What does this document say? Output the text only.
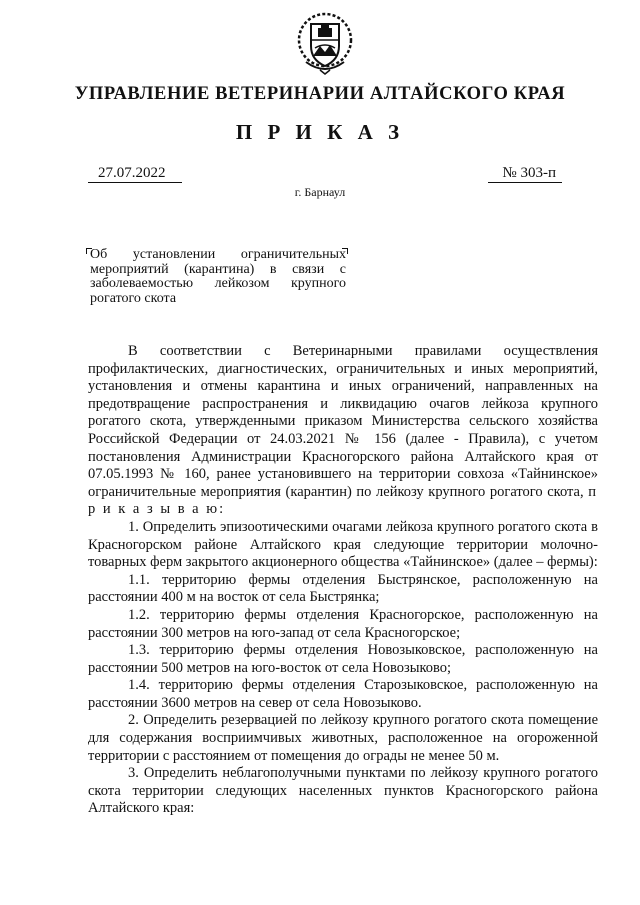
УПРАВЛЕНИЕ ВЕТЕРИНАРИИ АЛТАЙСКОГО КРАЯ
П Р И К А З
27.07.2022	№ 303-п
г. Барнаул
Об установлении ограничительных мероприятий (карантина) в связи с заболеваемостью лейкозом крупного рогатого скота

В соответствии с Ветеринарными правилами осуществления профилактических, диагностических, ограничительных и иных мероприятий, установления и отмены карантина и иных ограничений, направленных на предотвращение распространения и ликвидацию очагов лейкоза крупного рогатого скота, утвержденными приказом Министерства сельского хозяйства Российской Федерации от 24.03.2021 № 156 (далее - Правила), с учетом постановления Администрации Красногорского района Алтайского края от 07.05.1993 № 160, ранее установившего на территории совхоза «Тайнинское» ограничительные мероприятия (карантин) по лейкозу крупного рогатого скота, п р и к а з ы в а ю:

1. Определить эпизоотическими очагами лейкоза крупного рогатого скота в Красногорском районе Алтайского края следующие территории молочно-товарных ферм закрытого акционерного общества «Тайнинское» (далее – фермы):

1.1. территорию фермы отделения Быстрянское, расположенную на расстоянии 400 м на восток от села Быстрянка;

1.2. территорию фермы отделения Красногорское, расположенную на расстоянии 300 метров на юго-запад от села Красногорское;

1.3. территорию фермы отделения Новозыковское, расположенную на расстоянии 500 метров на юго-восток от села Новозыково;

1.4. территорию фермы отделения Старозыковское, расположенную на расстоянии 3600 метров на север от села Новозыково.

2. Определить резервацией по лейкозу крупного рогатого скота помещение для содержания восприимчивых животных, расположенное на огороженной территории с расстоянием от помещения до ограды не менее 50 м.

3. Определить неблагополучными пунктами по лейкозу крупного рогатого скота территории следующих населенных пунктов Красногорского района Алтайского края:
